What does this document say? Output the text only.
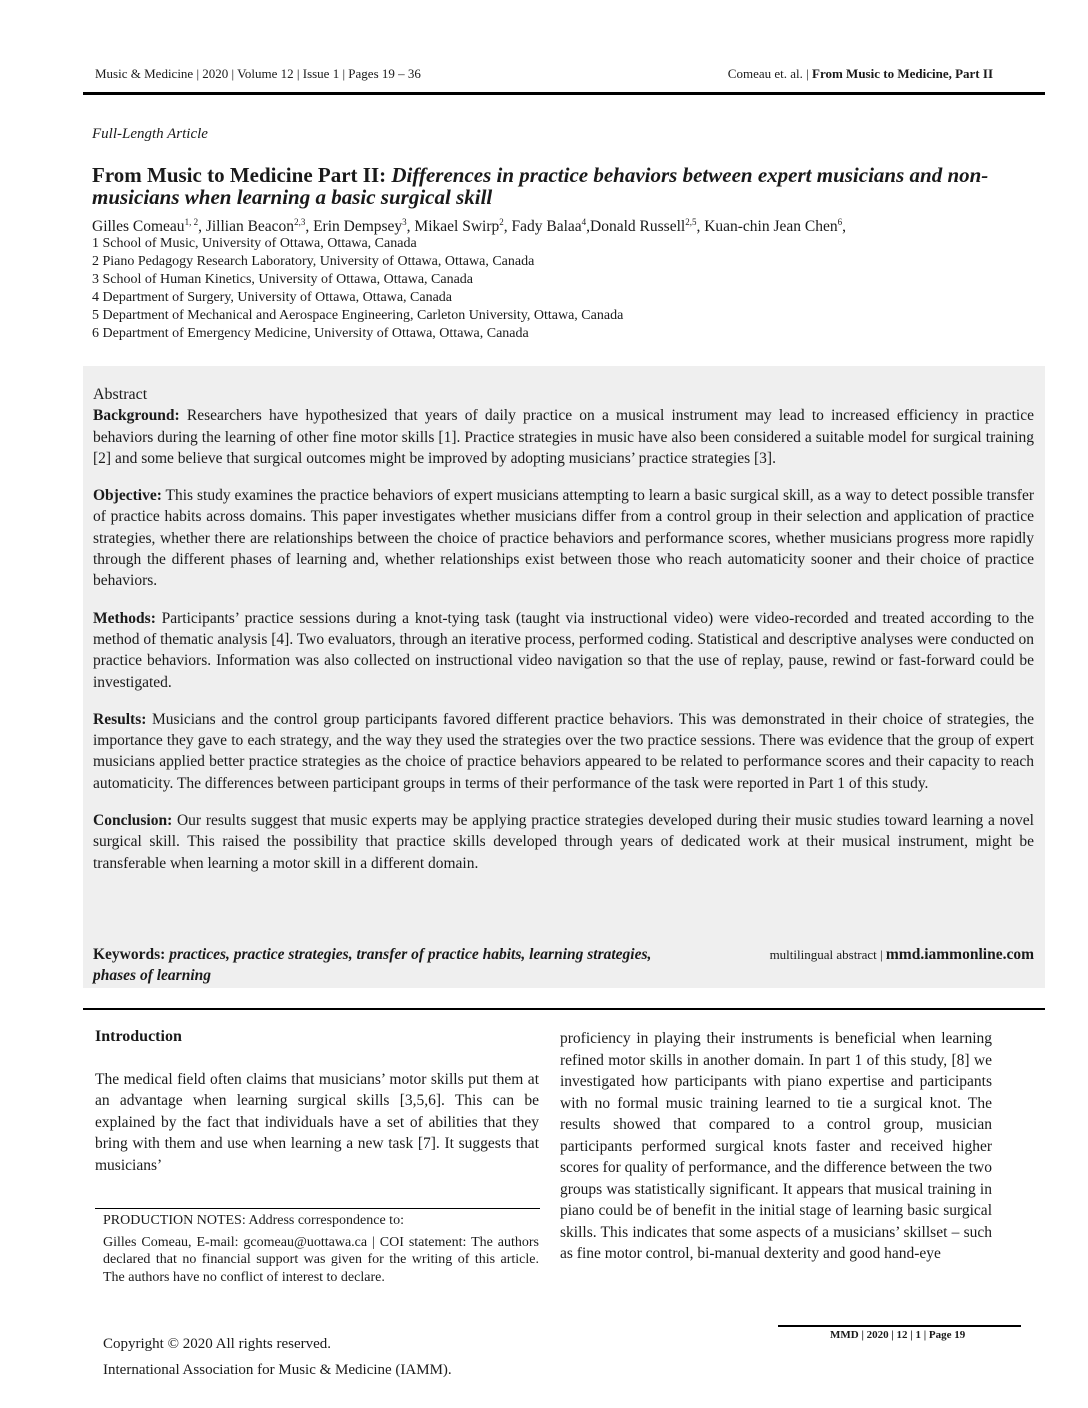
Music & Medicine | 2020 | Volume 12 | Issue 1 | Pages 19 – 36	Comeau et. al. | From Music to Medicine, Part II
Full-Length Article
From Music to Medicine Part II: Differences in practice behaviors between expert musicians and non-musicians when learning a basic surgical skill
Gilles Comeau$^{1, 2}$, Jillian Beacon$^{2,3}$, Erin Dempsey$^3$, Mikael Swirp$^2$, Fady Balaa$^4$,Donald Russell$^{2,5}$, Kuan-chin Jean Chen$^6$,
1 School of Music, University of Ottawa, Ottawa, Canada
2 Piano Pedagogy Research Laboratory, University of Ottawa, Ottawa, Canada
3 School of Human Kinetics, University of Ottawa, Ottawa, Canada
4 Department of Surgery, University of Ottawa, Ottawa, Canada
5 Department of Mechanical and Aerospace Engineering, Carleton University, Ottawa, Canada
6 Department of Emergency Medicine, University of Ottawa, Ottawa, Canada
Abstract

Background: Researchers have hypothesized that years of daily practice on a musical instrument may lead to increased efficiency in practice behaviors during the learning of other fine motor skills [1]. Practice strategies in music have also been considered a suitable model for surgical training [2] and some believe that surgical outcomes might be improved by adopting musicians’ practice strategies [3].

Objective: This study examines the practice behaviors of expert musicians attempting to learn a basic surgical skill, as a way to detect possible transfer of practice habits across domains. This paper investigates whether musicians differ from a control group in their selection and application of practice strategies, whether there are relationships between the choice of practice behaviors and performance scores, whether musicians progress more rapidly through the different phases of learning and, whether relationships exist between those who reach automaticity sooner and their choice of practice behaviors.

Methods: Participants’ practice sessions during a knot-tying task (taught via instructional video) were video-recorded and treated according to the method of thematic analysis [4]. Two evaluators, through an iterative process, performed coding. Statistical and descriptive analyses were conducted on practice behaviors. Information was also collected on instructional video navigation so that the use of replay, pause, rewind or fast-forward could be investigated.

Results: Musicians and the control group participants favored different practice behaviors. This was demonstrated in their choice of strategies, the importance they gave to each strategy, and the way they used the strategies over the two practice sessions. There was evidence that the group of expert musicians applied better practice strategies as the choice of practice behaviors appeared to be related to performance scores and their capacity to reach automaticity. The differences between participant groups in terms of their performance of the task were reported in Part 1 of this study.

Conclusion: Our results suggest that music experts may be applying practice strategies developed during their music studies toward learning a novel surgical skill. This raised the possibility that practice skills developed through years of dedicated work at their musical instrument, might be transferable when learning a motor skill in a different domain.

Keywords: practices, practice strategies, transfer of practice habits, learning strategies, phases of learning
multilingual abstract | mmd.iammonline.com
Introduction
The medical field often claims that musicians’ motor skills put them at an advantage when learning surgical skills [3,5,6]. This can be explained by the fact that individuals have a set of abilities that they bring with them and use when learning a new task [7]. It suggests that musicians’
PRODUCTION NOTES: Address correspondence to:
Gilles Comeau, E-mail: gcomeau@uottawa.ca | COI statement: The authors declared that no financial support was given for the writing of this article. The authors have no conflict of interest to declare.
Copyright © 2020 All rights reserved.
International Association for Music & Medicine (IAMM).
proficiency in playing their instruments is beneficial when learning refined motor skills in another domain. In part 1 of this study, [8] we investigated how participants with piano expertise and participants with no formal music training learned to tie a surgical knot. The results showed that compared to a control group, musician participants performed surgical knots faster and received higher scores for quality of performance, and the difference between the two groups was statistically significant. It appears that musical training in piano could be of benefit in the initial stage of learning basic surgical skills. This indicates that some aspects of a musicians’ skillset – such as fine motor control, bi-manual dexterity and good hand-eye
MMD | 2020 | 12 | 1 | Page 19
